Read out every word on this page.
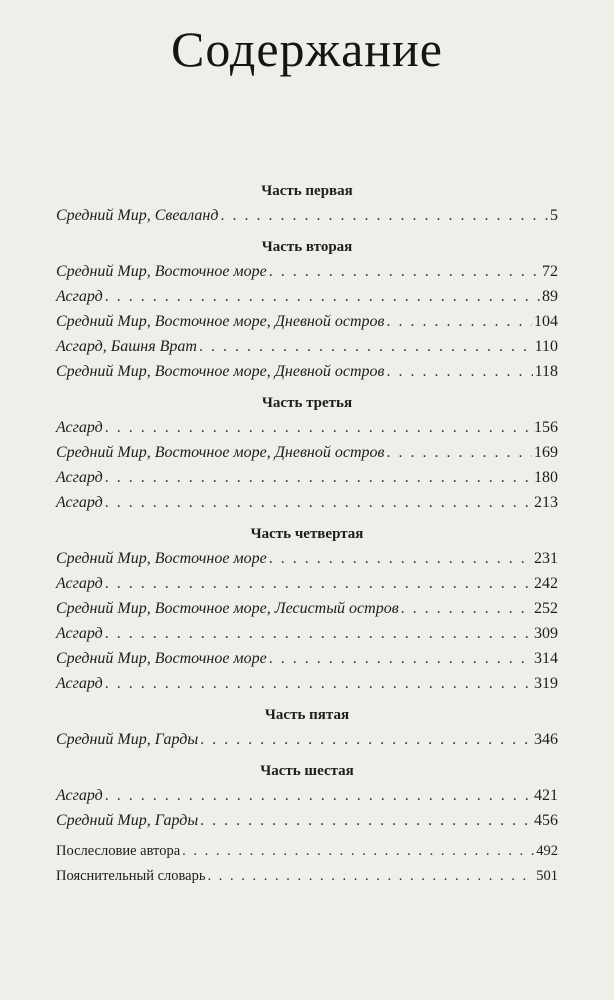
Содержание
Часть первая
Средний Мир, Свеаланд . . .	5
Часть вторая
Средний Мир, Восточное море . . .	72
Асгард . . .	89
Средний Мир, Восточное море, Дневной остров . . .	104
Асгард, Башня Врат . . .	110
Средний Мир, Восточное море, Дневной остров . . .	118
Часть третья
Асгард . . .	156
Средний Мир, Восточное море, Дневной остров . . .	169
Асгард . . .	180
Асгард . . .	213
Часть четвертая
Средний Мир, Восточное море . . .	231
Асгард . . .	242
Средний Мир, Восточное море, Лесистый остров . . .	252
Асгард . . .	309
Средний Мир, Восточное море . . .	314
Асгард . . .	319
Часть пятая
Средний Мир, Гарды . . .	346
Часть шестая
Асгард . . .	421
Средний Мир, Гарды . . .	456
Послесловие автора . . .	492
Пояснительный словарь . . .	501
